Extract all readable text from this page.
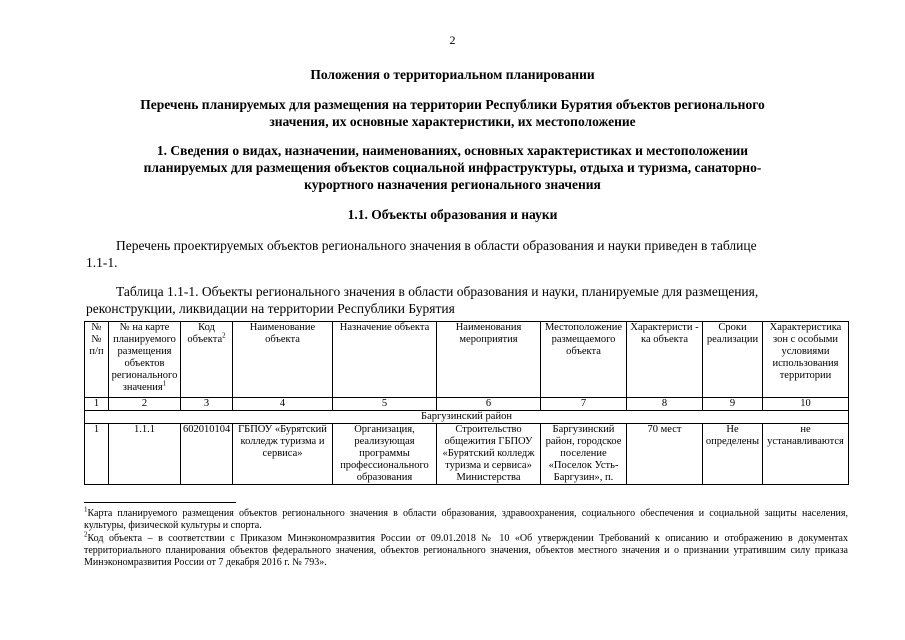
2
Положения о территориальном планировании
Перечень планируемых для размещения на территории Республики Бурятия объектов регионального
значения, их основные характеристики, их местоположение
1. Сведения о видах, назначении, наименованиях, основных характеристиках и местоположении
планируемых для размещения объектов социальной инфраструктуры, отдыха и туризма, санаторно-
курортного назначения регионального значения
1.1. Объекты образования и науки
Перечень проектируемых объектов регионального значения в области образования и науки приведен в таблице
1.1-1.
Таблица 1.1-1. Объекты регионального значения в области образования и науки, планируемые для размещения,
реконструкции, ликвидации на территории Республики Бурятия
№№ п/п	№ на карте планируемого размещения объектов регионального значения$^1$	Код объекта$^2$	Наименование объекта	Назначение объекта	Наименования мероприятия	Местоположение размещаемого объекта	Характеристи - ка объекта	Сроки реализации	Характеристика зон с особыми условиями использования территории
1	2	3	4	5	6	7	8	9	10
Баргузинский район									
1	1.1.1	602010104	ГБПОУ «Бурятский колледж туризма и сервиса»	Организация, реализующая программы профессионального образования	Строительство общежития ГБПОУ «Бурятский колледж туризма и сервиса» Министерства	Баргузинский район, городское поселение «Поселок Усть-Баргузин», п.	70 мест	Не определены	не устанавливаются
$^1$Карта планируемого размещения объектов регионального значения в области образования, здравоохранения, социального обеспечения и социальной защиты населения, культуры, физической культуры и спорта.
$^2$Код объекта – в соответствии с Приказом Минэкономразвития России от 09.01.2018 № 10 «Об утверждении Требований к описанию и отображению в документах территориального планирования объектов федерального значения, объектов регионального значения, объектов местного значения и о признании утратившим силу приказа Минэкономразвития России от 7 декабря 2016 г. № 793».
